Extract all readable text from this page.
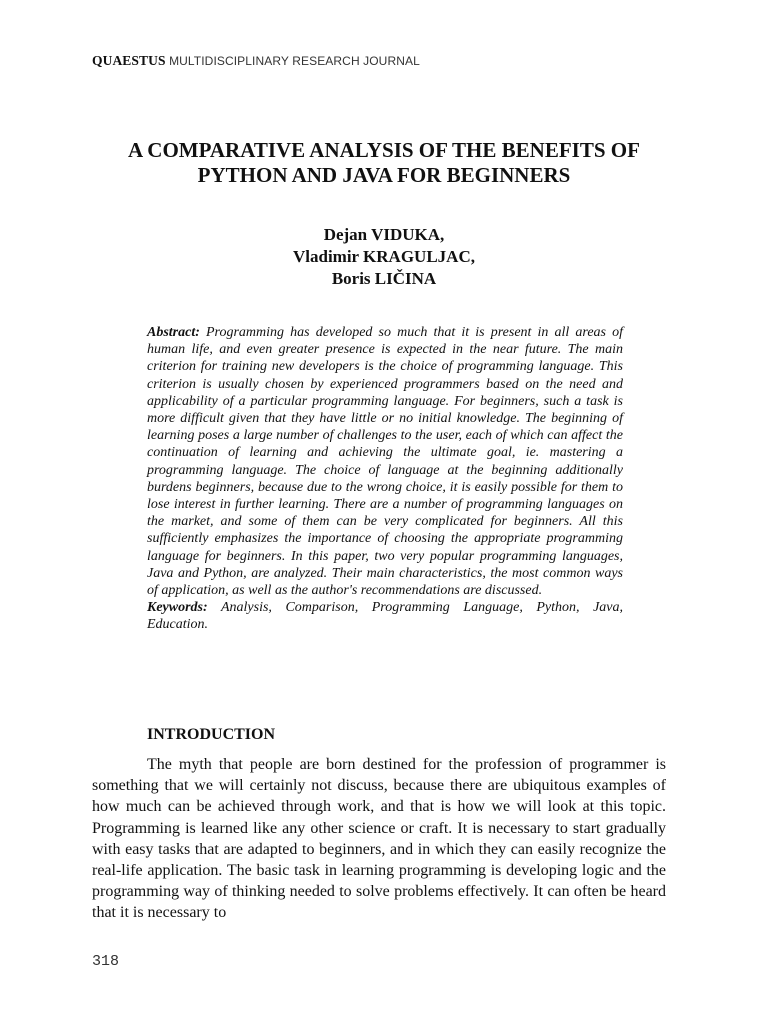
QUAESTUS MULTIDISCIPLINARY RESEARCH JOURNAL
A COMPARATIVE ANALYSIS OF THE BENEFITS OF
PYTHON AND JAVA FOR BEGINNERS
Dejan VIDUKA,
Vladimir KRAGULJAC,
Boris LIČINA

Abstract: Programming has developed so much that it is present in all areas of human life, and even greater presence is expected in the near future. The main criterion for training new developers is the choice of programming language. This criterion is usually chosen by experienced programmers based on the need and applicability of a particular programming language. For beginners, such a task is more difficult given that they have little or no initial knowledge. The beginning of learning poses a large number of challenges to the user, each of which can affect the continuation of learning and achieving the ultimate goal, ie. mastering a programming language. The choice of language at the beginning additionally burdens beginners, because due to the wrong choice, it is easily possible for them to lose interest in further learning. There are a number of programming languages on the market, and some of them can be very complicated for beginners. All this sufficiently emphasizes the importance of choosing the appropriate programming language for beginners. In this paper, two very popular programming languages, Java and Python, are analyzed. Their main characteristics, the most common ways of application, as well as the author's recommendations are discussed.

Keywords: Analysis, Comparison, Programming Language, Python, Java, Education.

INTRODUCTION

The myth that people are born destined for the profession of programmer is something that we will certainly not discuss, because there are ubiquitous examples of how much can be achieved through work, and that is how we will look at this topic. Programming is learned like any other science or craft. It is necessary to start gradually with easy tasks that are adapted to beginners, and in which they can easily recognize the real-life application. The basic task in learning programming is developing logic and the programming way of thinking needed to solve problems effectively. It can often be heard that it is necessary to

318
